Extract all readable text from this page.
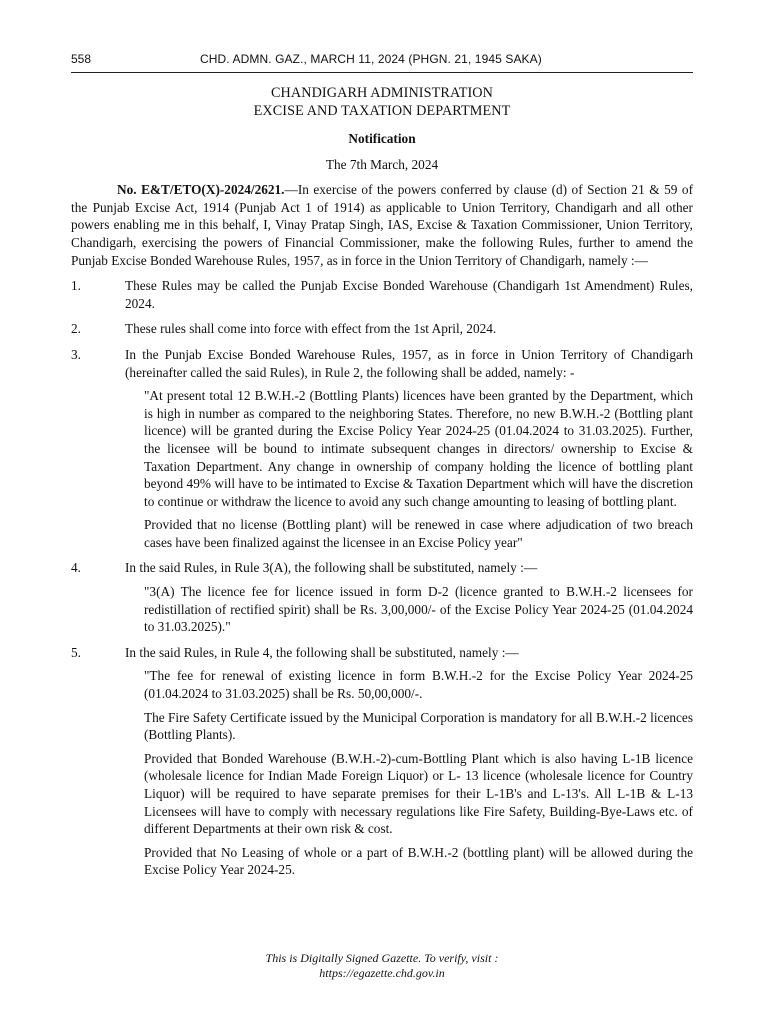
558	CHD. ADMN. GAZ., MARCH 11, 2024 (PHGN. 21, 1945 SAKA)

CHANDIGARH ADMINISTRATION

EXCISE AND TAXATION DEPARTMENT

Notification

The 7th March, 2024

No. E&T/ETO(X)-2024/2621.—In exercise of the powers conferred by clause (d) of Section 21 & 59 of the Punjab Excise Act, 1914 (Punjab Act 1 of 1914) as applicable to Union Territory, Chandigarh and all other powers enabling me in this behalf, I, Vinay Pratap Singh, IAS, Excise & Taxation Commissioner, Union Territory, Chandigarh, exercising the powers of Financial Commissioner, make the following Rules, further to amend the Punjab Excise Bonded Warehouse Rules, 1957, as in force in the Union Territory of Chandigarh, namely :—

1.	These Rules may be called the Punjab Excise Bonded Warehouse (Chandigarh 1st Amendment) Rules, 2024.

2.	These rules shall come into force with effect from the 1st April, 2024.

3.	In the Punjab Excise Bonded Warehouse Rules, 1957, as in force in Union Territory of Chandigarh (hereinafter called the said Rules), in Rule 2, the following shall be added, namely: -

"At present total 12 B.W.H.-2 (Bottling Plants) licences have been granted by the Department, which is high in number as compared to the neighboring States. Therefore, no new B.W.H.-2 (Bottling plant licence) will be granted during the Excise Policy Year 2024-25 (01.04.2024 to 31.03.2025). Further, the licensee will be bound to intimate subsequent changes in directors/ ownership to Excise & Taxation Department. Any change in ownership of company holding the licence of bottling plant beyond 49% will have to be intimated to Excise & Taxation Department which will have the discretion to continue or withdraw the licence to avoid any such change amounting to leasing of bottling plant.

Provided that no license (Bottling plant) will be renewed in case where adjudication of two breach cases have been finalized against the licensee in an Excise Policy year"

4.	In the said Rules, in Rule 3(A), the following shall be substituted, namely :—

"3(A) The licence fee for licence issued in form D-2 (licence granted to B.W.H.-2 licensees for redistillation of rectified spirit) shall be Rs. 3,00,000/- of the Excise Policy Year 2024-25 (01.04.2024 to 31.03.2025)."

5.	In the said Rules, in Rule 4, the following shall be substituted, namely :—

"The fee for renewal of existing licence in form B.W.H.-2 for the Excise Policy Year 2024-25 (01.04.2024 to 31.03.2025) shall be Rs. 50,00,000/-.

The Fire Safety Certificate issued by the Municipal Corporation is mandatory for all B.W.H.-2 licences (Bottling Plants).

Provided that Bonded Warehouse (B.W.H.-2)-cum-Bottling Plant which is also having L-1B licence (wholesale licence for Indian Made Foreign Liquor) or L- 13 licence (wholesale licence for Country Liquor) will be required to have separate premises for their L-1B's and L-13's. All L-1B & L-13 Licensees will have to comply with necessary regulations like Fire Safety, Building-Bye-Laws etc. of different Departments at their own risk & cost.

Provided that No Leasing of whole or a part of B.W.H.-2 (bottling plant) will be allowed during the Excise Policy Year 2024-25.

This is Digitally Signed Gazette. To verify, visit :
https://egazette.chd.gov.in
